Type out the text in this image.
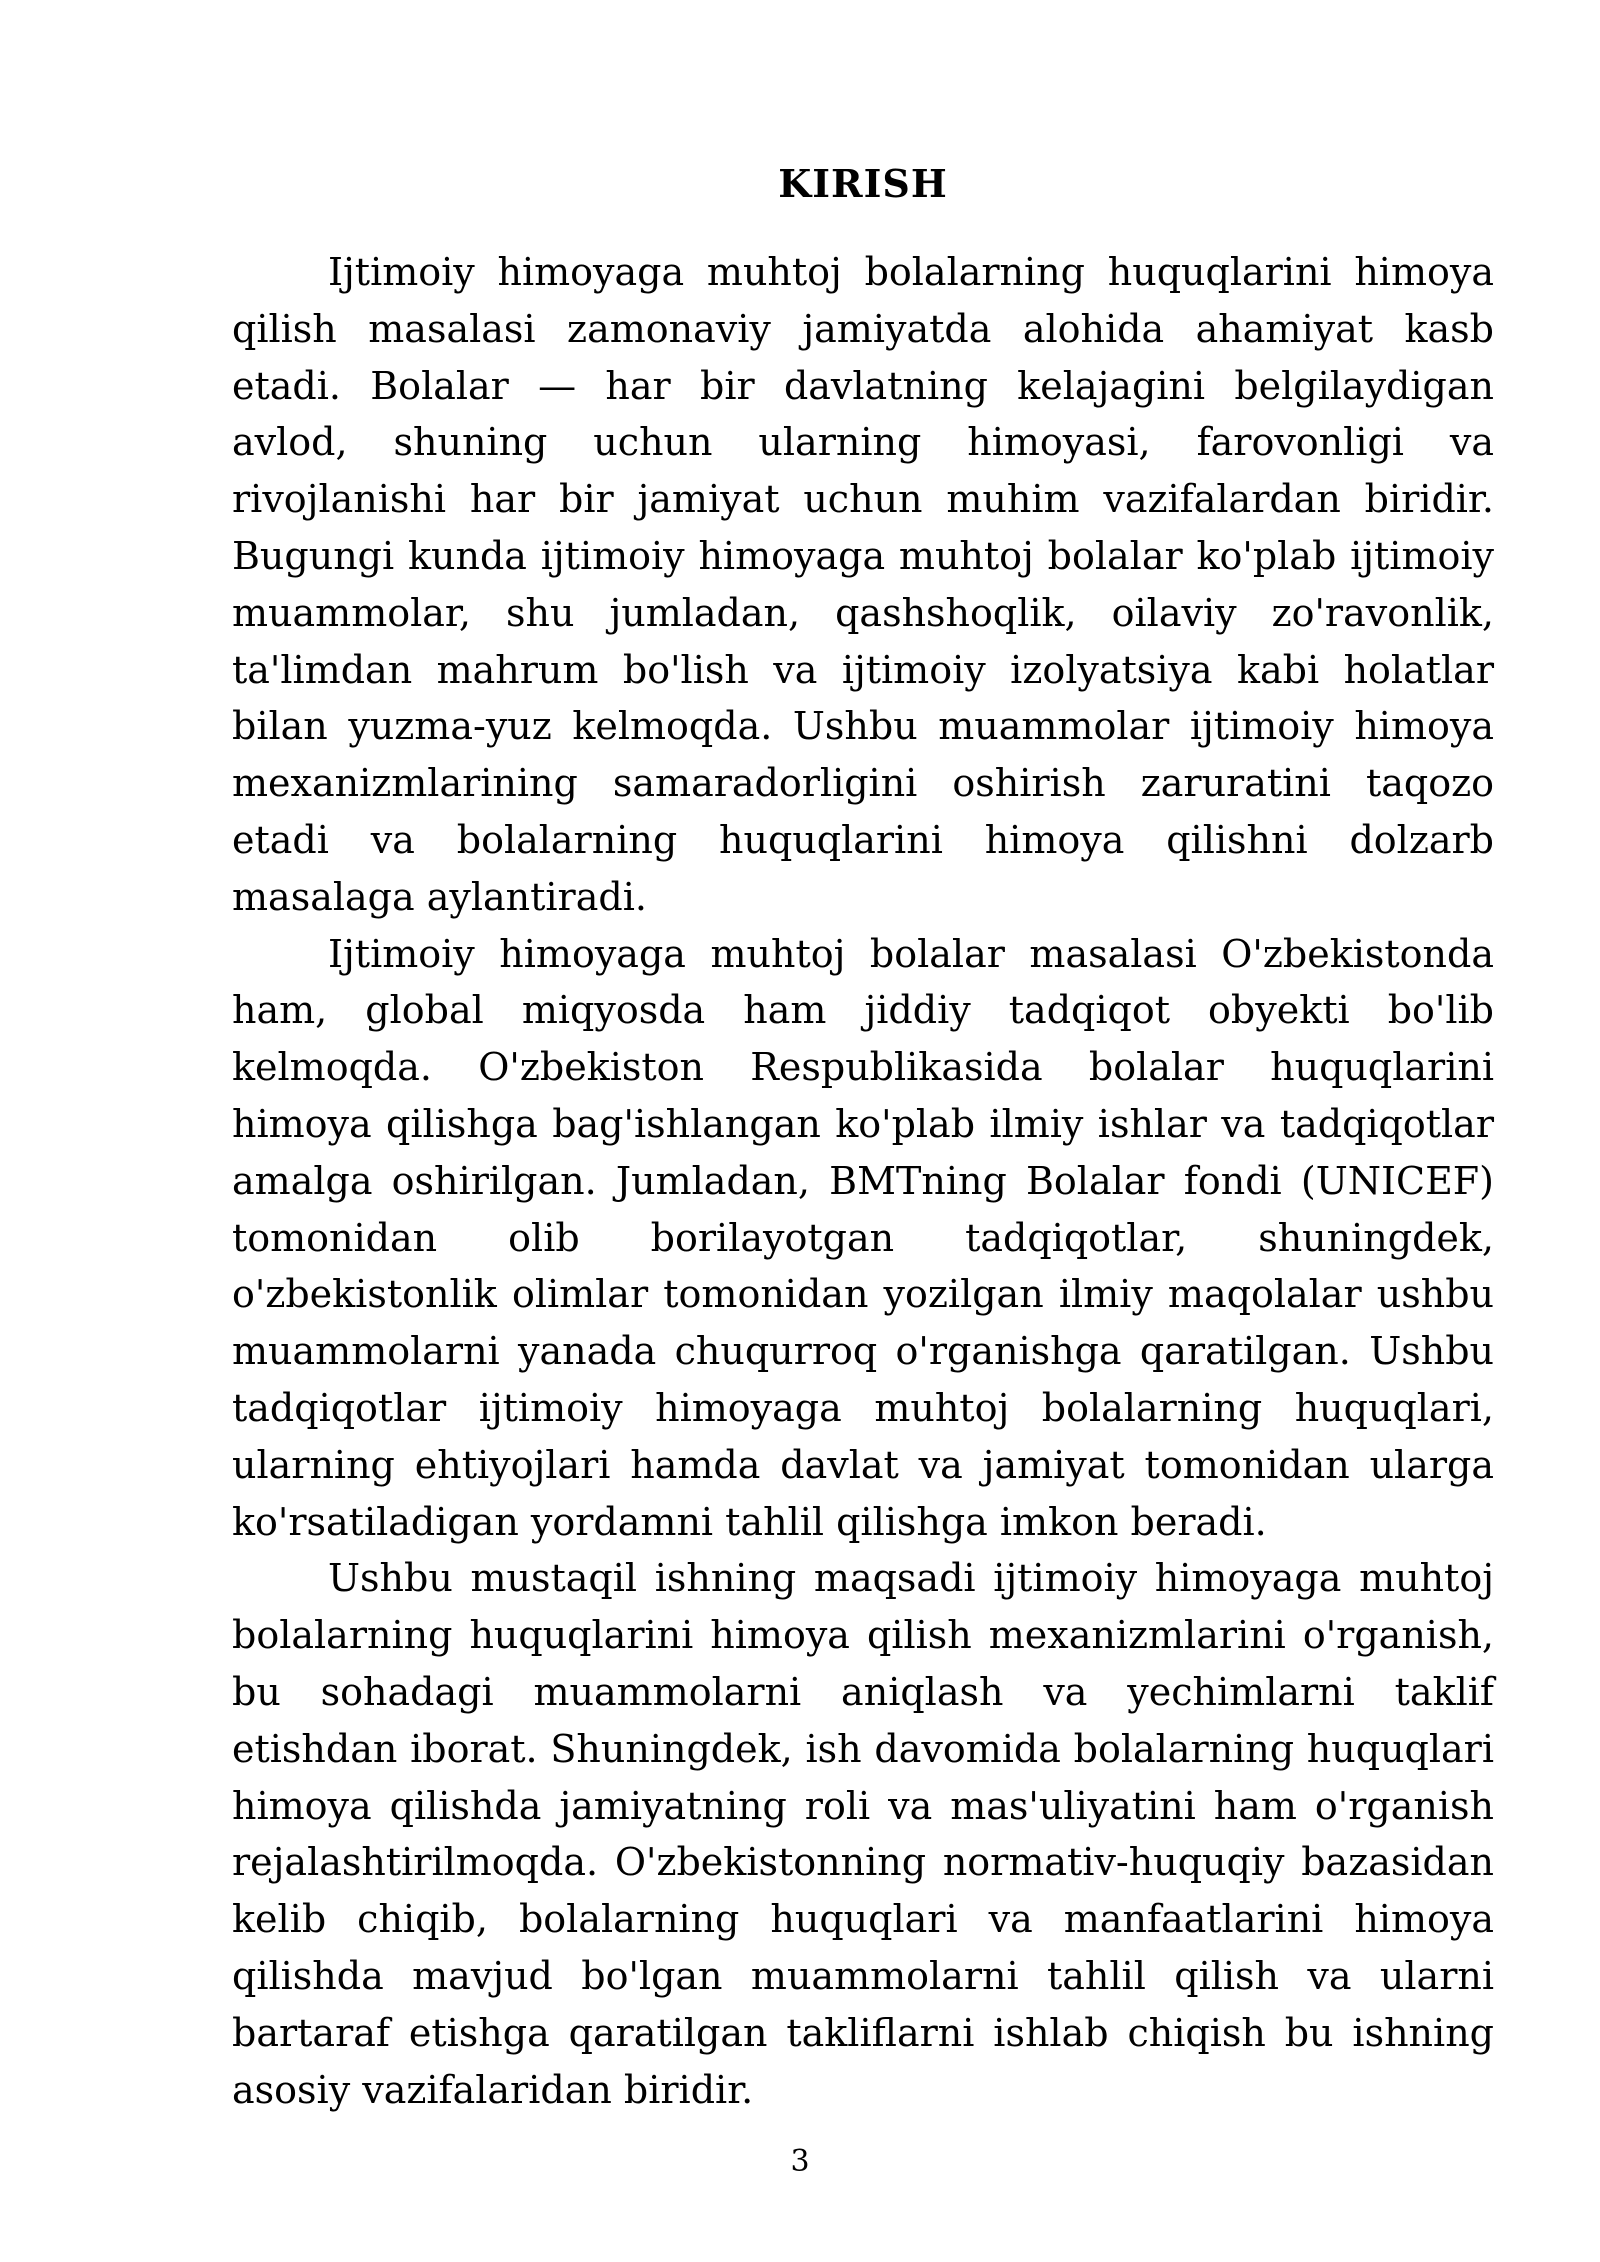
KIRISH

Ijtimoiy himoyaga muhtoj bolalarning huquqlarini himoya qilish masalasi zamonaviy jamiyatda alohida ahamiyat kasb etadi. Bolalar — har bir davlatning kelajagini belgilaydigan avlod, shuning uchun ularning himoyasi, farovonligi va rivojlanishi har bir jamiyat uchun muhim vazifalardan biridir. Bugungi kunda ijtimoiy himoyaga muhtoj bolalar ko'plab ijtimoiy muammolar, shu jumladan, qashshoqlik, oilaviy zo'ravonlik, ta'limdan mahrum bo'lish va ijtimoiy izolyatsiya kabi holatlar bilan yuzma-yuz kelmoqda. Ushbu muammolar ijtimoiy himoya mexanizmlarining samaradorligini oshirish zaruratini taqozo etadi va bolalarning huquqlarini himoya qilishni dolzarb masalaga aylantiradi.

Ijtimoiy himoyaga muhtoj bolalar masalasi O'zbekistonda ham, global miqyosda ham jiddiy tadqiqot obyekti bo'lib kelmoqda. O'zbekiston Respublikasida bolalar huquqlarini himoya qilishga bag'ishlangan ko'plab ilmiy ishlar va tadqiqotlar amalga oshirilgan. Jumladan, BMTning Bolalar fondi (UNICEF) tomonidan olib borilayotgan tadqiqotlar, shuningdek, o'zbekistonlik olimlar tomonidan yozilgan ilmiy maqolalar ushbu muammolarni yanada chuqurroq o'rganishga qaratilgan. Ushbu tadqiqotlar ijtimoiy himoyaga muhtoj bolalarning huquqlari, ularning ehtiyojlari hamda davlat va jamiyat tomonidan ularga ko'rsatiladigan yordamni tahlil qilishga imkon beradi.

Ushbu mustaqil ishning maqsadi ijtimoiy himoyaga muhtoj bolalarning huquqlarini himoya qilish mexanizmlarini o'rganish, bu sohadagi muammolarni aniqlash va yechimlarni taklif etishdan iborat. Shuningdek, ish davomida bolalarning huquqlari himoya qilishda jamiyatning roli va mas'uliyatini ham o'rganish rejalashtirilmoqda. O'zbekistonning normativ-huquqiy bazasidan kelib chiqib, bolalarning huquqlari va manfaatlarini himoya qilishda mavjud bo'lgan muammolarni tahlil qilish va ularni bartaraf etishga qaratilgan takliflarni ishlab chiqish bu ishning asosiy vazifalaridan biridir.

3
